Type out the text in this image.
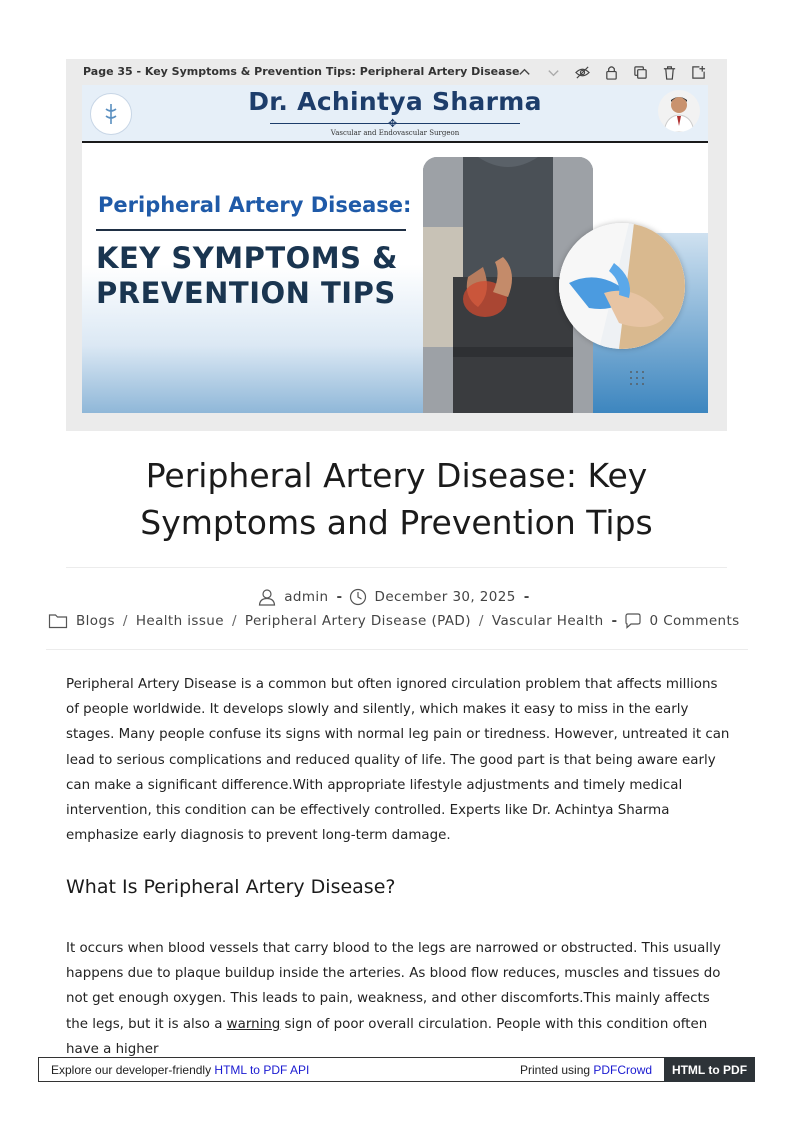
Page 35 - Key Symptoms & Prevention Tips: Peripheral Artery Disease
Dr. Achintya Sharma
✥
Vascular and Endovascular Surgeon
Peripheral Artery Disease:
KEY SYMPTOMS &
PREVENTION TIPS
Peripheral Artery Disease: Key Symptoms and Prevention Tips
admin - December 30, 2025 -
Blogs / Health issue / Peripheral Artery Disease (PAD) / Vascular Health - 0 Comments

Peripheral Artery Disease is a common but often ignored circulation problem that affects millions of people worldwide. It develops slowly and silently, which makes it easy to miss in the early stages. Many people confuse its signs with normal leg pain or tiredness. However, untreated it can lead to serious complications and reduced quality of life. The good part is that being aware early can make a significant difference.With appropriate lifestyle adjustments and timely medical intervention, this condition can be effectively controlled. Experts like Dr. Achintya Sharma emphasize early diagnosis to prevent long-term damage.

What Is Peripheral Artery Disease?

It occurs when blood vessels that carry blood to the legs are narrowed or obstructed. This usually happens due to plaque buildup inside the arteries. As blood flow reduces, muscles and tissues do not get enough oxygen. This leads to pain, weakness, and other discomforts.This mainly affects the legs, but it is also a warning sign of poor overall circulation. People with this condition often have a higher

Explore our developer-friendly HTML to PDF API	Printed using PDFCrowd	HTML to PDF
